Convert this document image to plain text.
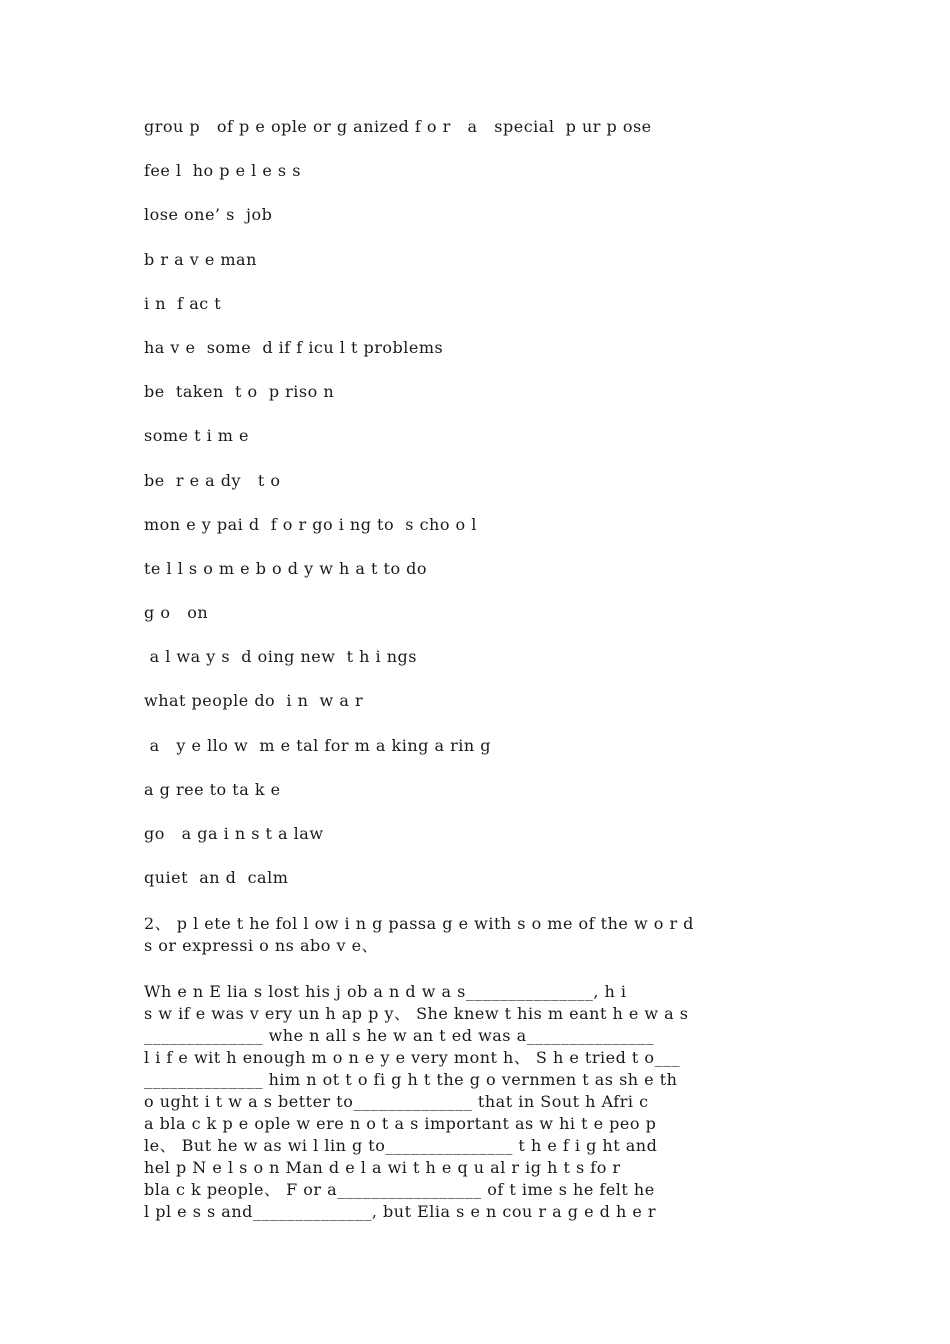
grou p   of p e ople or g anized f o r   a   special  p ur p ose
fee l  ho p e l e s s
lose one’ s  job
b r a v e man
i n  f ac t
ha v e  some  d if f icu l t problems
be  taken  t o  p riso n
some t i m e
be  r e a dy   t o
mon e y pai d  f o r go i ng to  s cho o l
te l l s o m e b o d y w h a t to do
g o   on
a l wa y s  d oing new  t h i ngs
what people do  i n  w a r
a   y e llo w  m e tal for m a king a rin g
a g ree to ta k e
go   a ga i n s t a law
quiet  an d  calm

2、 p l ete t he fol l ow i n g passa g e with s o me of the w o r d
s or expressi o ns abo v e、

Wh e n E lia s lost his j ob a n d w a s_______________, h i
s w if e was v ery un h ap p y、 She knew t his m eant h e w a s
______________ whe n all s he w an t ed was a_______________
l i f e wit h enough m o n e y e very mont h、 S h e tried t o___
______________ him n ot t o fi g h t the g o vernmen t as sh e th
o ught i t w a s better to______________ that in Sout h Afri c
a bla c k p e ople w ere n o t a s important as w hi t e peo p
le、 But he w as wi l lin g to_______________ t h e f i g ht and
hel p N e l s o n Man d e l a wi t h e q u al r ig h t s fo r
bla c k people、 F or a_________________ of t ime s he felt he
l pl e s s and______________, but Elia s e n cou r a g e d h e r
